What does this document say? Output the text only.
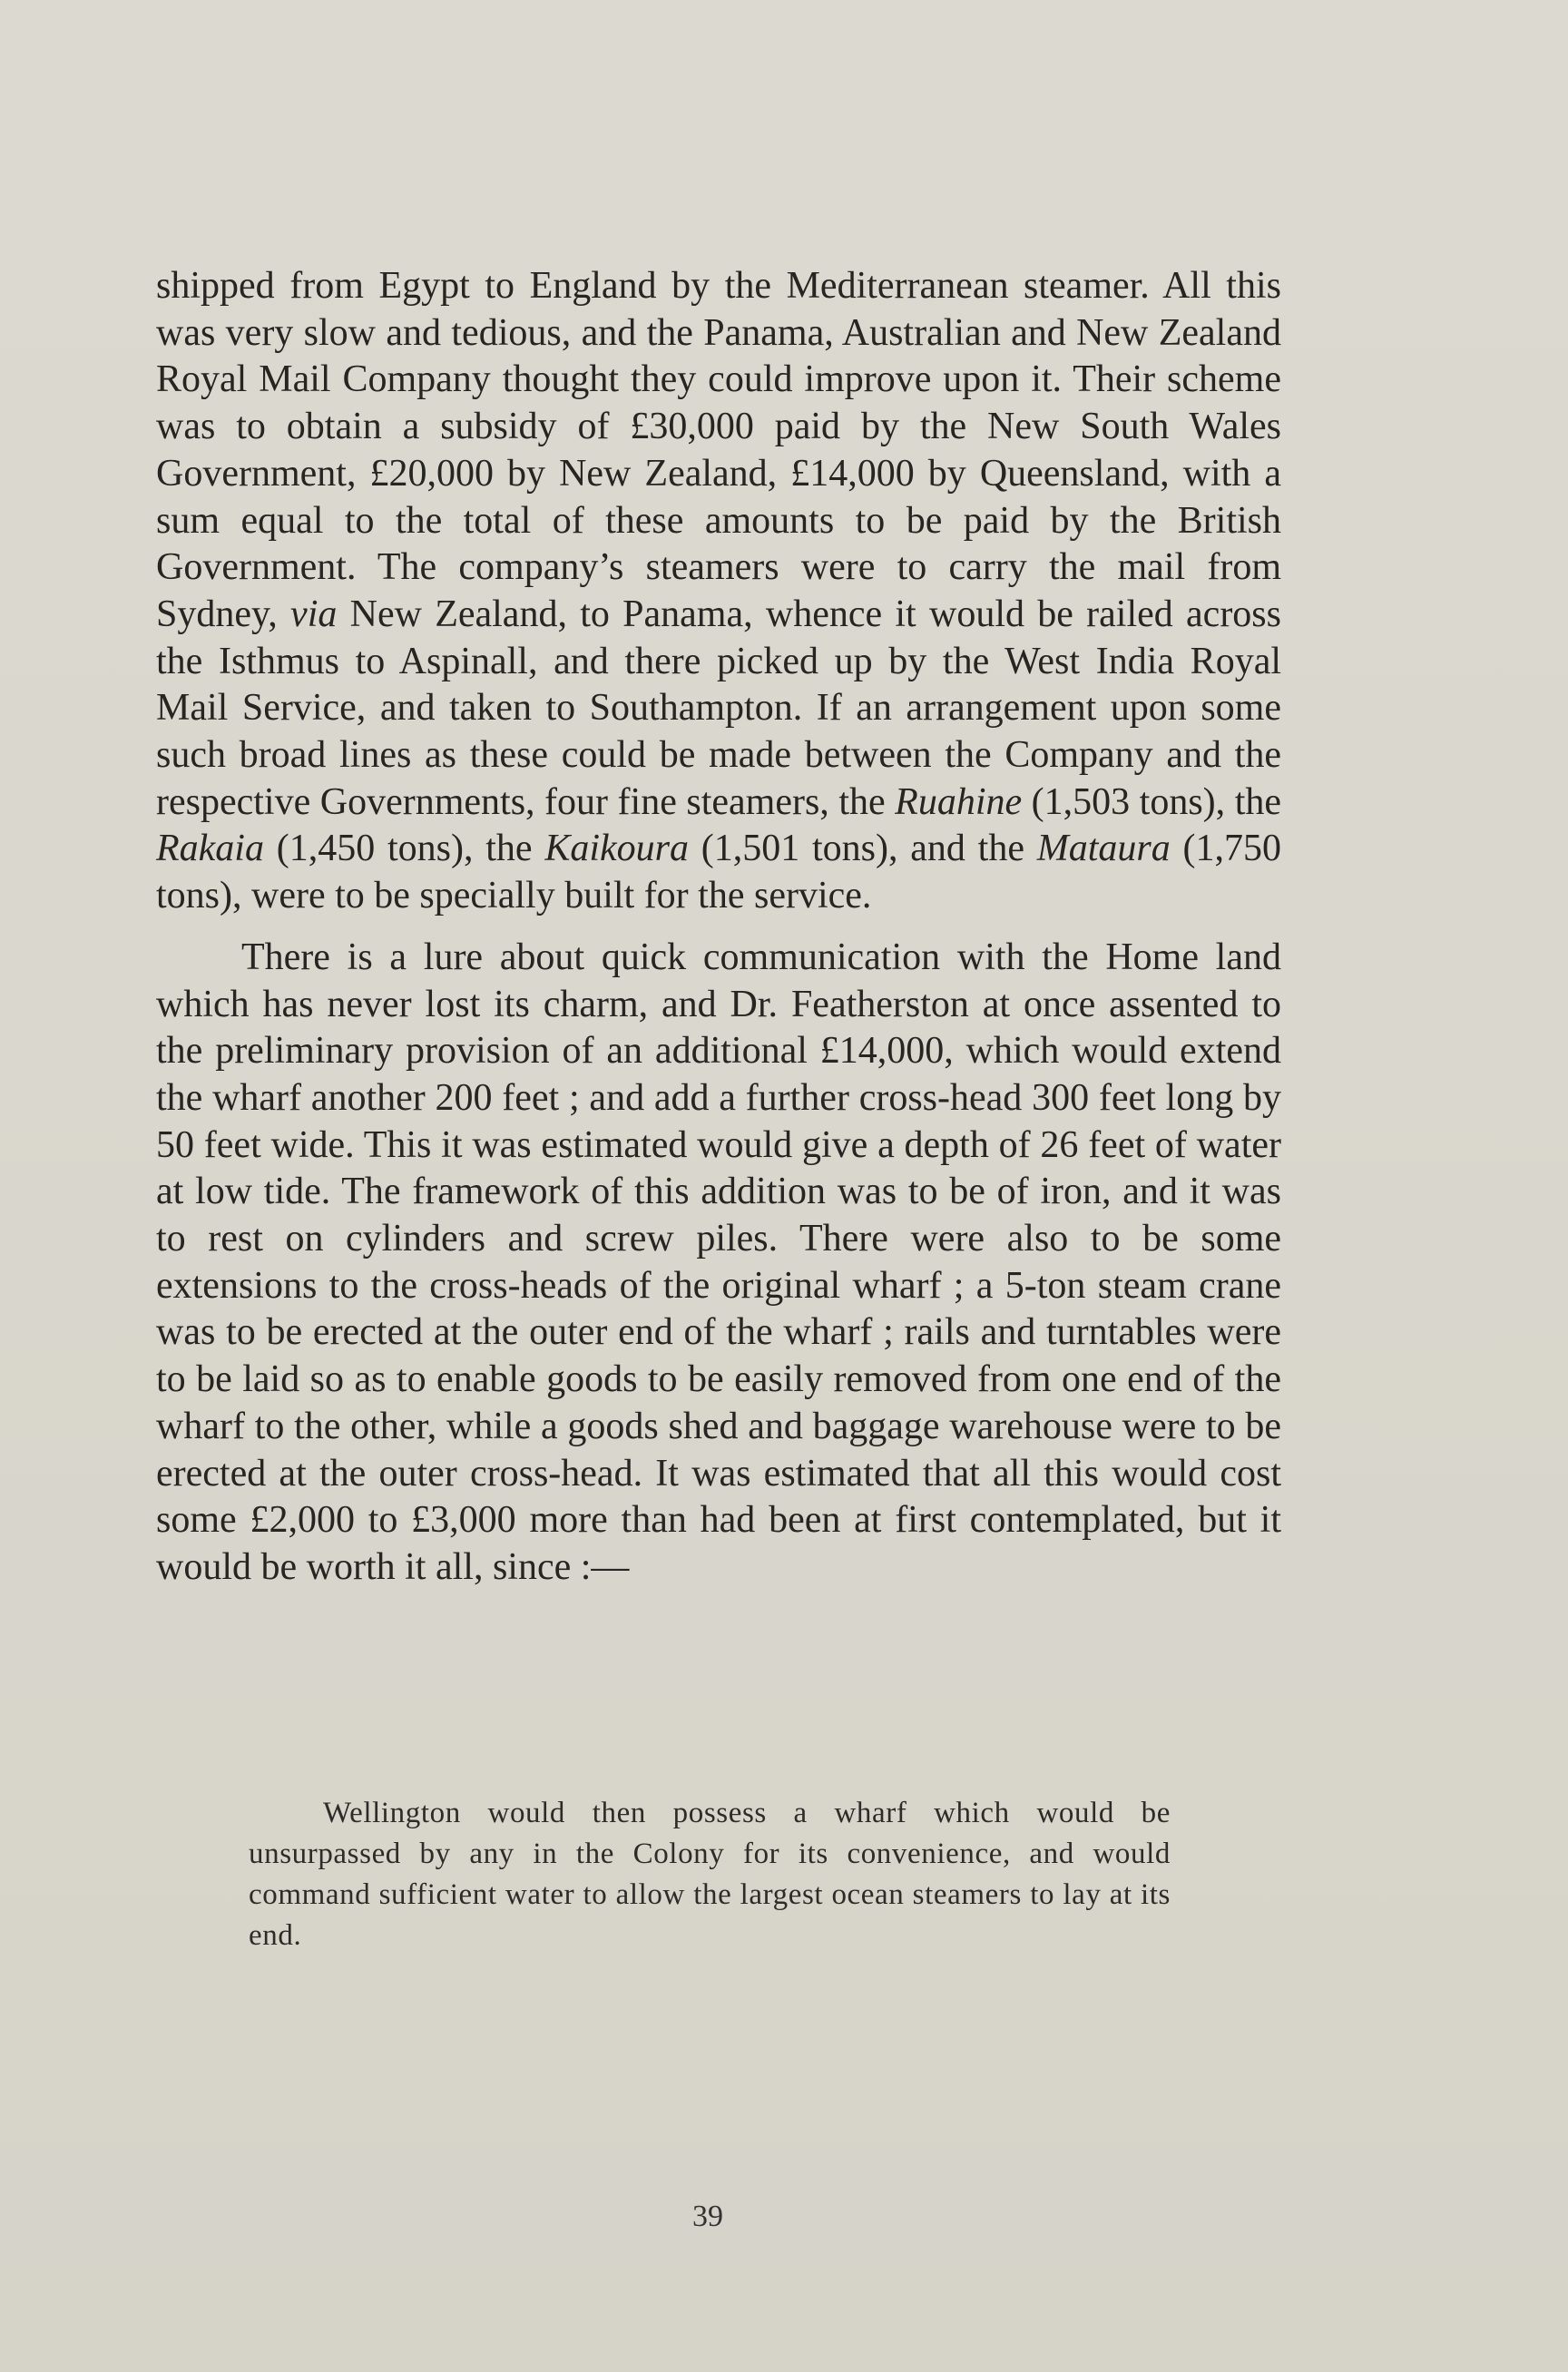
shipped from Egypt to England by the Mediterranean steamer. All this was very slow and tedious, and the Panama, Australian and New Zealand Royal Mail Company thought they could improve upon it. Their scheme was to obtain a subsidy of £30,000 paid by the New South Wales Government, £20,000 by New Zealand, £14,000 by Queensland, with a sum equal to the total of these amounts to be paid by the British Government. The company’s steamers were to carry the mail from Sydney, via New Zealand, to Panama, whence it would be railed across the Isthmus to Aspinall, and there picked up by the West India Royal Mail Service, and taken to Southampton. If an arrangement upon some such broad lines as these could be made between the Company and the respective Governments, four fine steamers, the Ruahine (1,503 tons), the Rakaia (1,450 tons), the Kaikoura (1,501 tons), and the Mataura (1,750 tons), were to be specially built for the service.

There is a lure about quick communication with the Home land which has never lost its charm, and Dr. Featherston at once assented to the preliminary provision of an additional £14,000, which would extend the wharf another 200 feet ; and add a further cross-head 300 feet long by 50 feet wide. This it was estimated would give a depth of 26 feet of water at low tide. The framework of this addition was to be of iron, and it was to rest on cylinders and screw piles. There were also to be some extensions to the cross-heads of the original wharf ; a 5-ton steam crane was to be erected at the outer end of the wharf ; rails and turntables were to be laid so as to enable goods to be easily removed from one end of the wharf to the other, while a goods shed and baggage warehouse were to be erected at the outer cross-head. It was estimated that all this would cost some £2,000 to £3,000 more than had been at first contemplated, but it would be worth it all, since :—

Wellington would then possess a wharf which would be unsurpassed by any in the Colony for its convenience, and would command sufficient water to allow the largest ocean steamers to lay at its end.

39
